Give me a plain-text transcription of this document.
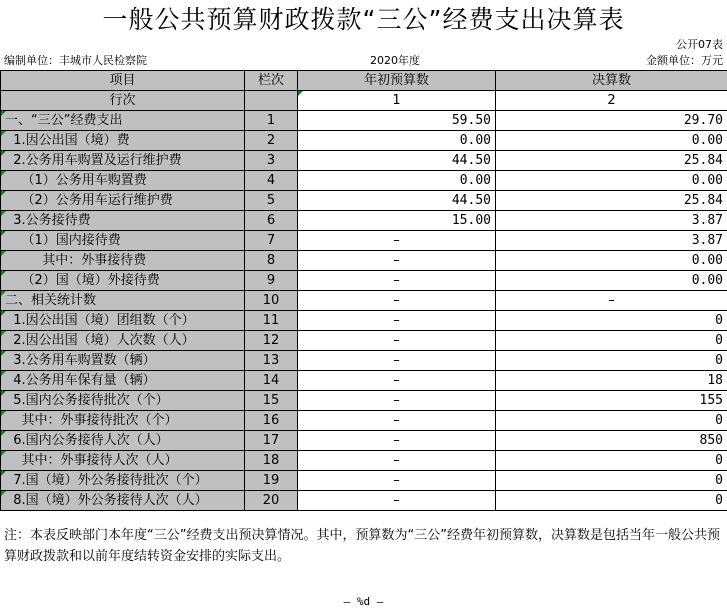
一般公共预算财政拨款“三公”经费支出决算表
公开07表
编制单位：丰城市人民检察院	2020年度	金额单位：万元
项目	栏次	年初预算数	决算数
行次		1	2
一、“三公”经费支出	1	59.50	29.70
1.因公出国（境）费	2	0.00	0.00
2.公务用车购置及运行维护费	3	44.50	25.84
（1）公务用车购置费	4	0.00	0.00
（2）公务用车运行维护费	5	44.50	25.84
3.公务接待费	6	15.00	3.87
（1）国内接待费	7	–	3.87
其中：外事接待费	8	–	0.00
（2）国（境）外接待费	9	–	0.00
二、相关统计数	10	–	–
1.因公出国（境）团组数（个）	11	–	0
2.因公出国（境）人次数（人）	12	–	0
3.公务用车购置数（辆）	13	–	0
4.公务用车保有量（辆）	14	–	18
5.国内公务接待批次（个）	15	–	155
其中：外事接待批次（个）	16	–	0
6.国内公务接待人次（人）	17	–	850
其中：外事接待人次（人）	18	–	0
7.国（境）外公务接待批次（个）	19	–	0
8.国（境）外公务接待人次（人）	20	–	0
注：本表反映部门本年度“三公”经费支出预决算情况。其中，预算数为“三公”经费年初预算数，决算数是包括当年一般公共预算财政拨款和以前年度结转资金安排的实际支出。
— %d —
